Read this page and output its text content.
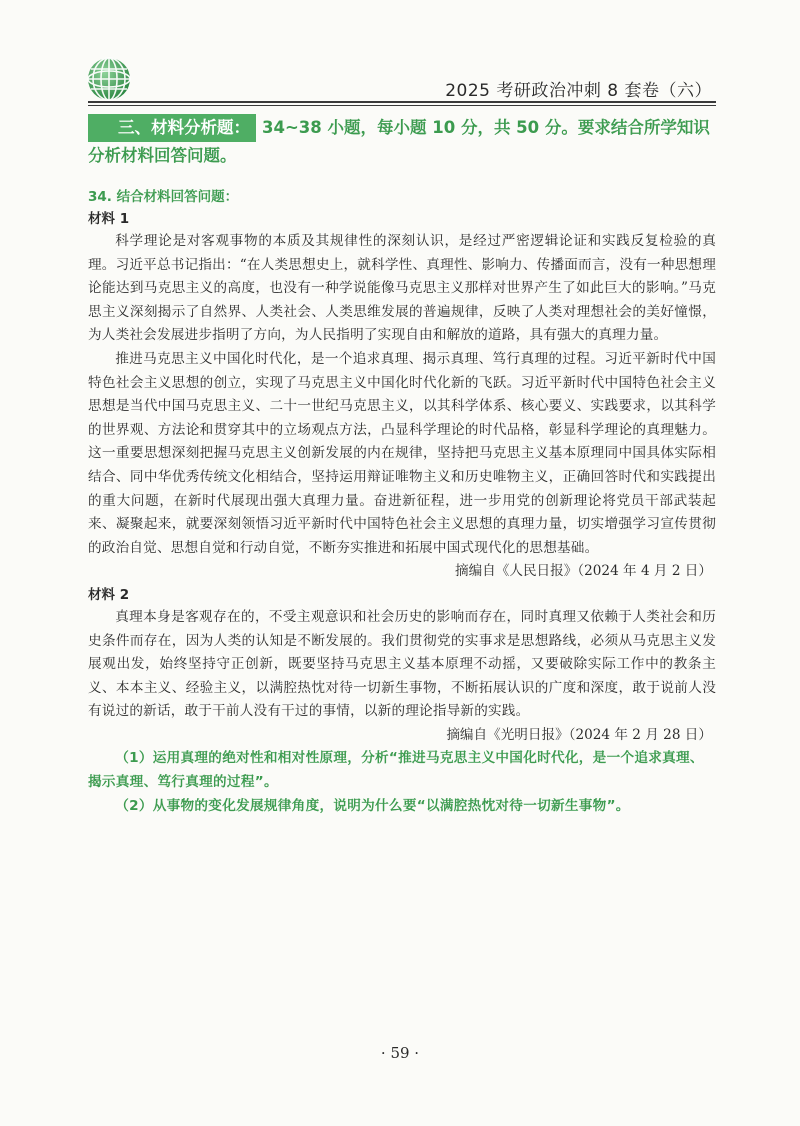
2025 考研政治冲刺 8 套卷（六）
三、材料分析题： 34~38 小题，每小题 10 分，共 50 分。要求结合所学知识分析材料回答问题。
34. 结合材料回答问题：
材料 1

科学理论是对客观事物的本质及其规律性的深刻认识，是经过严密逻辑论证和实践反复检验的真理。习近平总书记指出：“在人类思想史上，就科学性、真理性、影响力、传播面而言，没有一种思想理论能达到马克思主义的高度，也没有一种学说能像马克思主义那样对世界产生了如此巨大的影响。”马克思主义深刻揭示了自然界、人类社会、人类思维发展的普遍规律，反映了人类对理想社会的美好憧憬，为人类社会发展进步指明了方向，为人民指明了实现自由和解放的道路，具有强大的真理力量。

推进马克思主义中国化时代化，是一个追求真理、揭示真理、笃行真理的过程。习近平新时代中国特色社会主义思想的创立，实现了马克思主义中国化时代化新的飞跃。习近平新时代中国特色社会主义思想是当代中国马克思主义、二十一世纪马克思主义，以其科学体系、核心要义、实践要求，以其科学的世界观、方法论和贯穿其中的立场观点方法，凸显科学理论的时代品格，彰显科学理论的真理魅力。这一重要思想深刻把握马克思主义创新发展的内在规律，坚持把马克思主义基本原理同中国具体实际相结合、同中华优秀传统文化相结合，坚持运用辩证唯物主义和历史唯物主义，正确回答时代和实践提出的重大问题，在新时代展现出强大真理力量。奋进新征程，进一步用党的创新理论将党员干部武装起来、凝聚起来，就要深刻领悟习近平新时代中国特色社会主义思想的真理力量，切实增强学习宣传贯彻的政治自觉、思想自觉和行动自觉，不断夯实推进和拓展中国式现代化的思想基础。

摘编自《人民日报》（2024 年 4 月 2 日）
材料 2

真理本身是客观存在的，不受主观意识和社会历史的影响而存在，同时真理又依赖于人类社会和历史条件而存在，因为人类的认知是不断发展的。我们贯彻党的实事求是思想路线，必须从马克思主义发展观出发，始终坚持守正创新，既要坚持马克思主义基本原理不动摇，又要破除实际工作中的教条主义、本本主义、经验主义，以满腔热忱对待一切新生事物，不断拓展认识的广度和深度，敢于说前人没有说过的新话，敢于干前人没有干过的事情，以新的理论指导新的实践。

摘编自《光明日报》（2024 年 2 月 28 日）

（1）运用真理的绝对性和相对性原理，分析“推进马克思主义中国化时代化，是一个追求真理、揭示真理、笃行真理的过程”。

（2）从事物的变化发展规律角度，说明为什么要“以满腔热忱对待一切新生事物”。

· 59 ·
